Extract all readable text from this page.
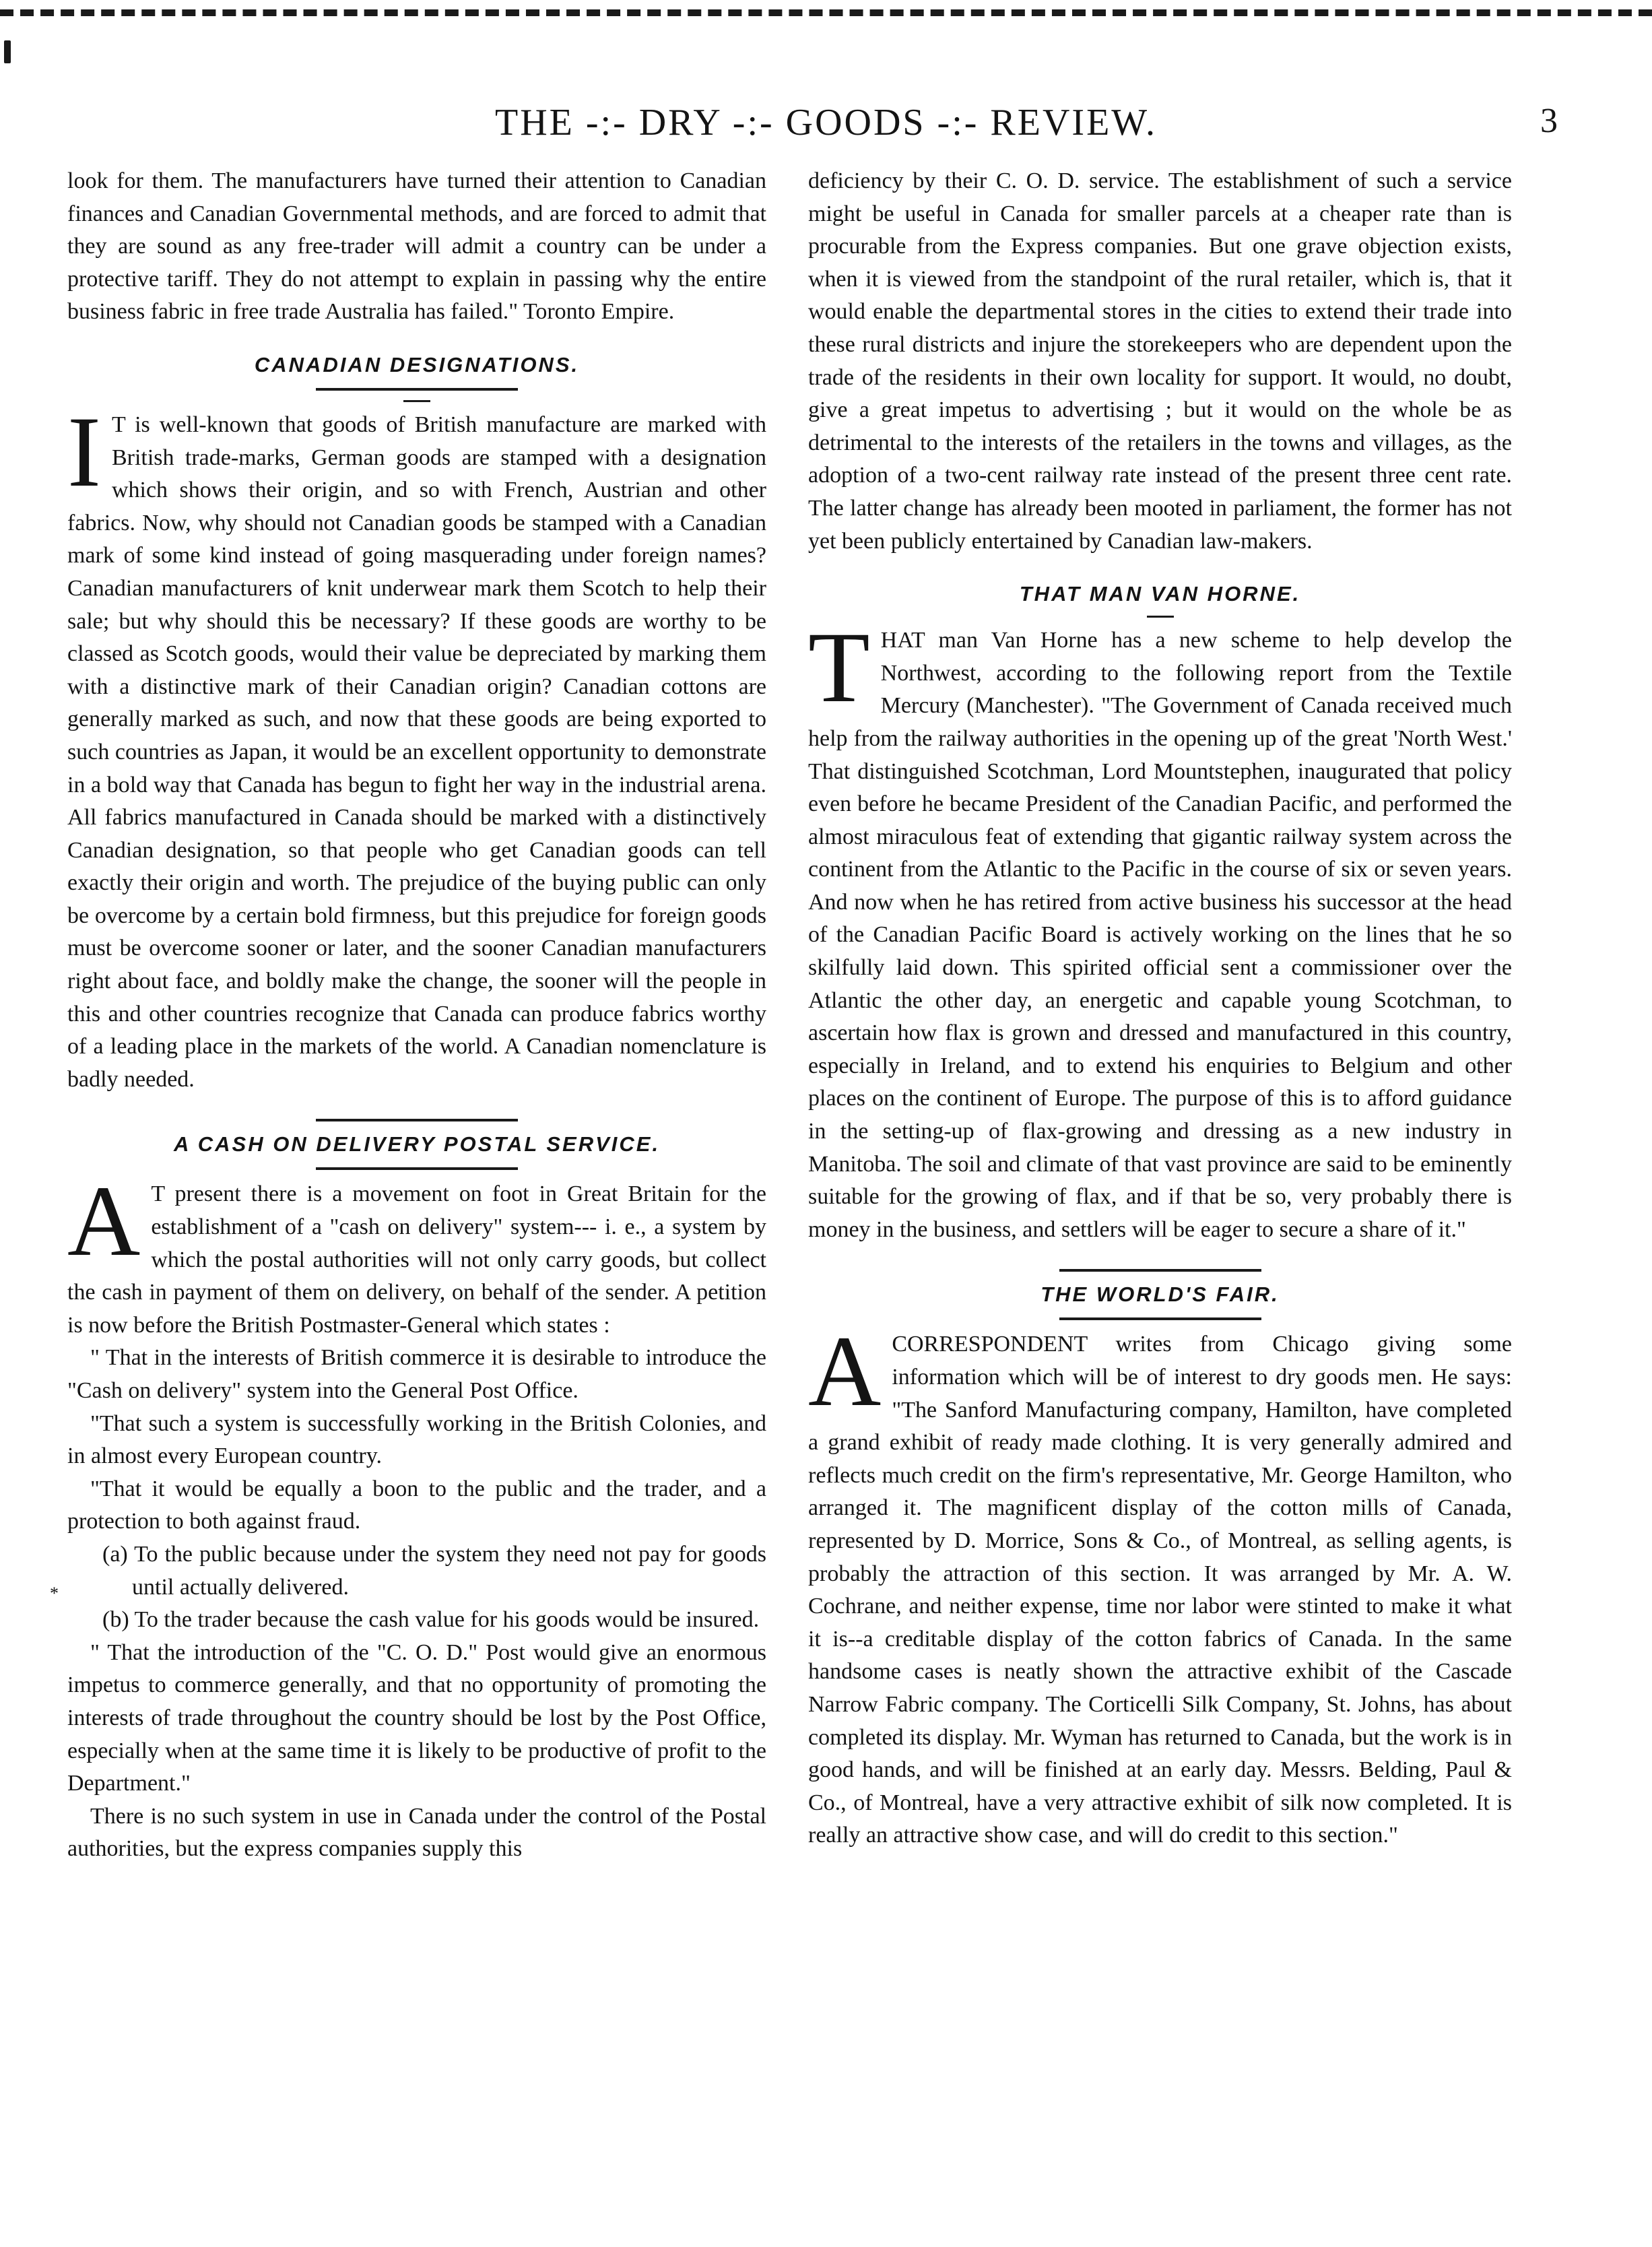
THE -:- DRY -:- GOODS -:- REVIEW.	3

look for them. The manufacturers have turned their attention to Canadian finances and Canadian Governmental methods, and are forced to admit that they are sound as any free-trader will admit a country can be under a protective tariff. They do not attempt to explain in passing why the entire business fabric in free trade Australia has failed." Toronto Empire.

CANADIAN DESIGNATIONS.
I T is well-known that goods of British manufacture are marked with British trade-marks, German goods are stamped with a designation which shows their origin, and so with French, Austrian and other fabrics. Now, why should not Canadian goods be stamped with a Canadian mark of some kind instead of going masquerading under foreign names? Canadian manufacturers of knit underwear mark them Scotch to help their sale; but why should this be necessary? If these goods are worthy to be classed as Scotch goods, would their value be depreciated by marking them with a distinctive mark of their Canadian origin? Canadian cottons are generally marked as such, and now that these goods are being exported to such countries as Japan, it would be an excellent opportunity to demonstrate in a bold way that Canada has begun to fight her way in the industrial arena. All fabrics manufactured in Canada should be marked with a distinctively Canadian designation, so that people who get Canadian goods can tell exactly their origin and worth. The prejudice of the buying public can only be overcome by a certain bold firmness, but this prejudice for foreign goods must be overcome sooner or later, and the sooner Canadian manufacturers right about face, and boldly make the change, the sooner will the people in this and other countries recognize that Canada can produce fabrics worthy of a leading place in the markets of the world. A Canadian nomenclature is badly needed.

A CASH ON DELIVERY POSTAL SERVICE.
A T present there is a movement on foot in Great Britain for the establishment of a "cash on delivery" system--- i. e., a system by which the postal authorities will not only carry goods, but collect the cash in payment of them on delivery, on behalf of the sender. A petition is now before the British Postmaster-General which states :

" That in the interests of British commerce it is desirable to introduce the "Cash on delivery" system into the General Post Office.

"That such a system is successfully working in the British Colonies, and in almost every European country.

"That it would be equally a boon to the public and the trader, and a protection to both against fraud.

(a) To the public because under the system they need not pay for goods until actually delivered.

*

(b) To the trader because the cash value for his goods would be insured.

" That the introduction of the "C. O. D." Post would give an enormous impetus to commerce generally, and that no opportunity of promoting the interests of trade throughout the country should be lost by the Post Office, especially when at the same time it is likely to be productive of profit to the Department."

There is no such system in use in Canada under the control of the Postal authorities, but the express companies supply this

deficiency by their C. O. D. service. The establishment of such a service might be useful in Canada for smaller parcels at a cheaper rate than is procurable from the Express companies. But one grave objection exists, when it is viewed from the standpoint of the rural retailer, which is, that it would enable the departmental stores in the cities to extend their trade into these rural districts and injure the storekeepers who are dependent upon the trade of the residents in their own locality for support. It would, no doubt, give a great impetus to advertising ; but it would on the whole be as detrimental to the interests of the retailers in the towns and villages, as the adoption of a two-cent railway rate instead of the present three cent rate. The latter change has already been mooted in parliament, the former has not yet been publicly entertained by Canadian law-makers.

THAT MAN VAN HORNE.
T HAT man Van Horne has a new scheme to help develop the Northwest, according to the following report from the Textile Mercury (Manchester). "The Government of Canada received much help from the railway authorities in the opening up of the great 'North West.' That distinguished Scotchman, Lord Mountstephen, inaugurated that policy even before he became President of the Canadian Pacific, and performed the almost miraculous feat of extending that gigantic railway system across the continent from the Atlantic to the Pacific in the course of six or seven years. And now when he has retired from active business his successor at the head of the Canadian Pacific Board is actively working on the lines that he so skilfully laid down. This spirited official sent a commissioner over the Atlantic the other day, an energetic and capable young Scotchman, to ascertain how flax is grown and dressed and manufactured in this country, especially in Ireland, and to extend his enquiries to Belgium and other places on the continent of Europe. The purpose of this is to afford guidance in the setting-up of flax-growing and dressing as a new industry in Manitoba. The soil and climate of that vast province are said to be eminently suitable for the growing of flax, and if that be so, very probably there is money in the business, and settlers will be eager to secure a share of it."

THE WORLD'S FAIR.
A CORRESPONDENT writes from Chicago giving some information which will be of interest to dry goods men. He says: "The Sanford Manufacturing company, Hamilton, have completed a grand exhibit of ready made clothing. It is very generally admired and reflects much credit on the firm's representative, Mr. George Hamilton, who arranged it. The magnificent display of the cotton mills of Canada, represented by D. Morrice, Sons & Co., of Montreal, as selling agents, is probably the attraction of this section. It was arranged by Mr. A. W. Cochrane, and neither expense, time nor labor were stinted to make it what it is--a creditable display of the cotton fabrics of Canada. In the same handsome cases is neatly shown the attractive exhibit of the Cascade Narrow Fabric company. The Corticelli Silk Company, St. Johns, has about completed its display. Mr. Wyman has returned to Canada, but the work is in good hands, and will be finished at an early day. Messrs. Belding, Paul & Co., of Montreal, have a very attractive exhibit of silk now completed. It is really an attractive show case, and will do credit to this section."
